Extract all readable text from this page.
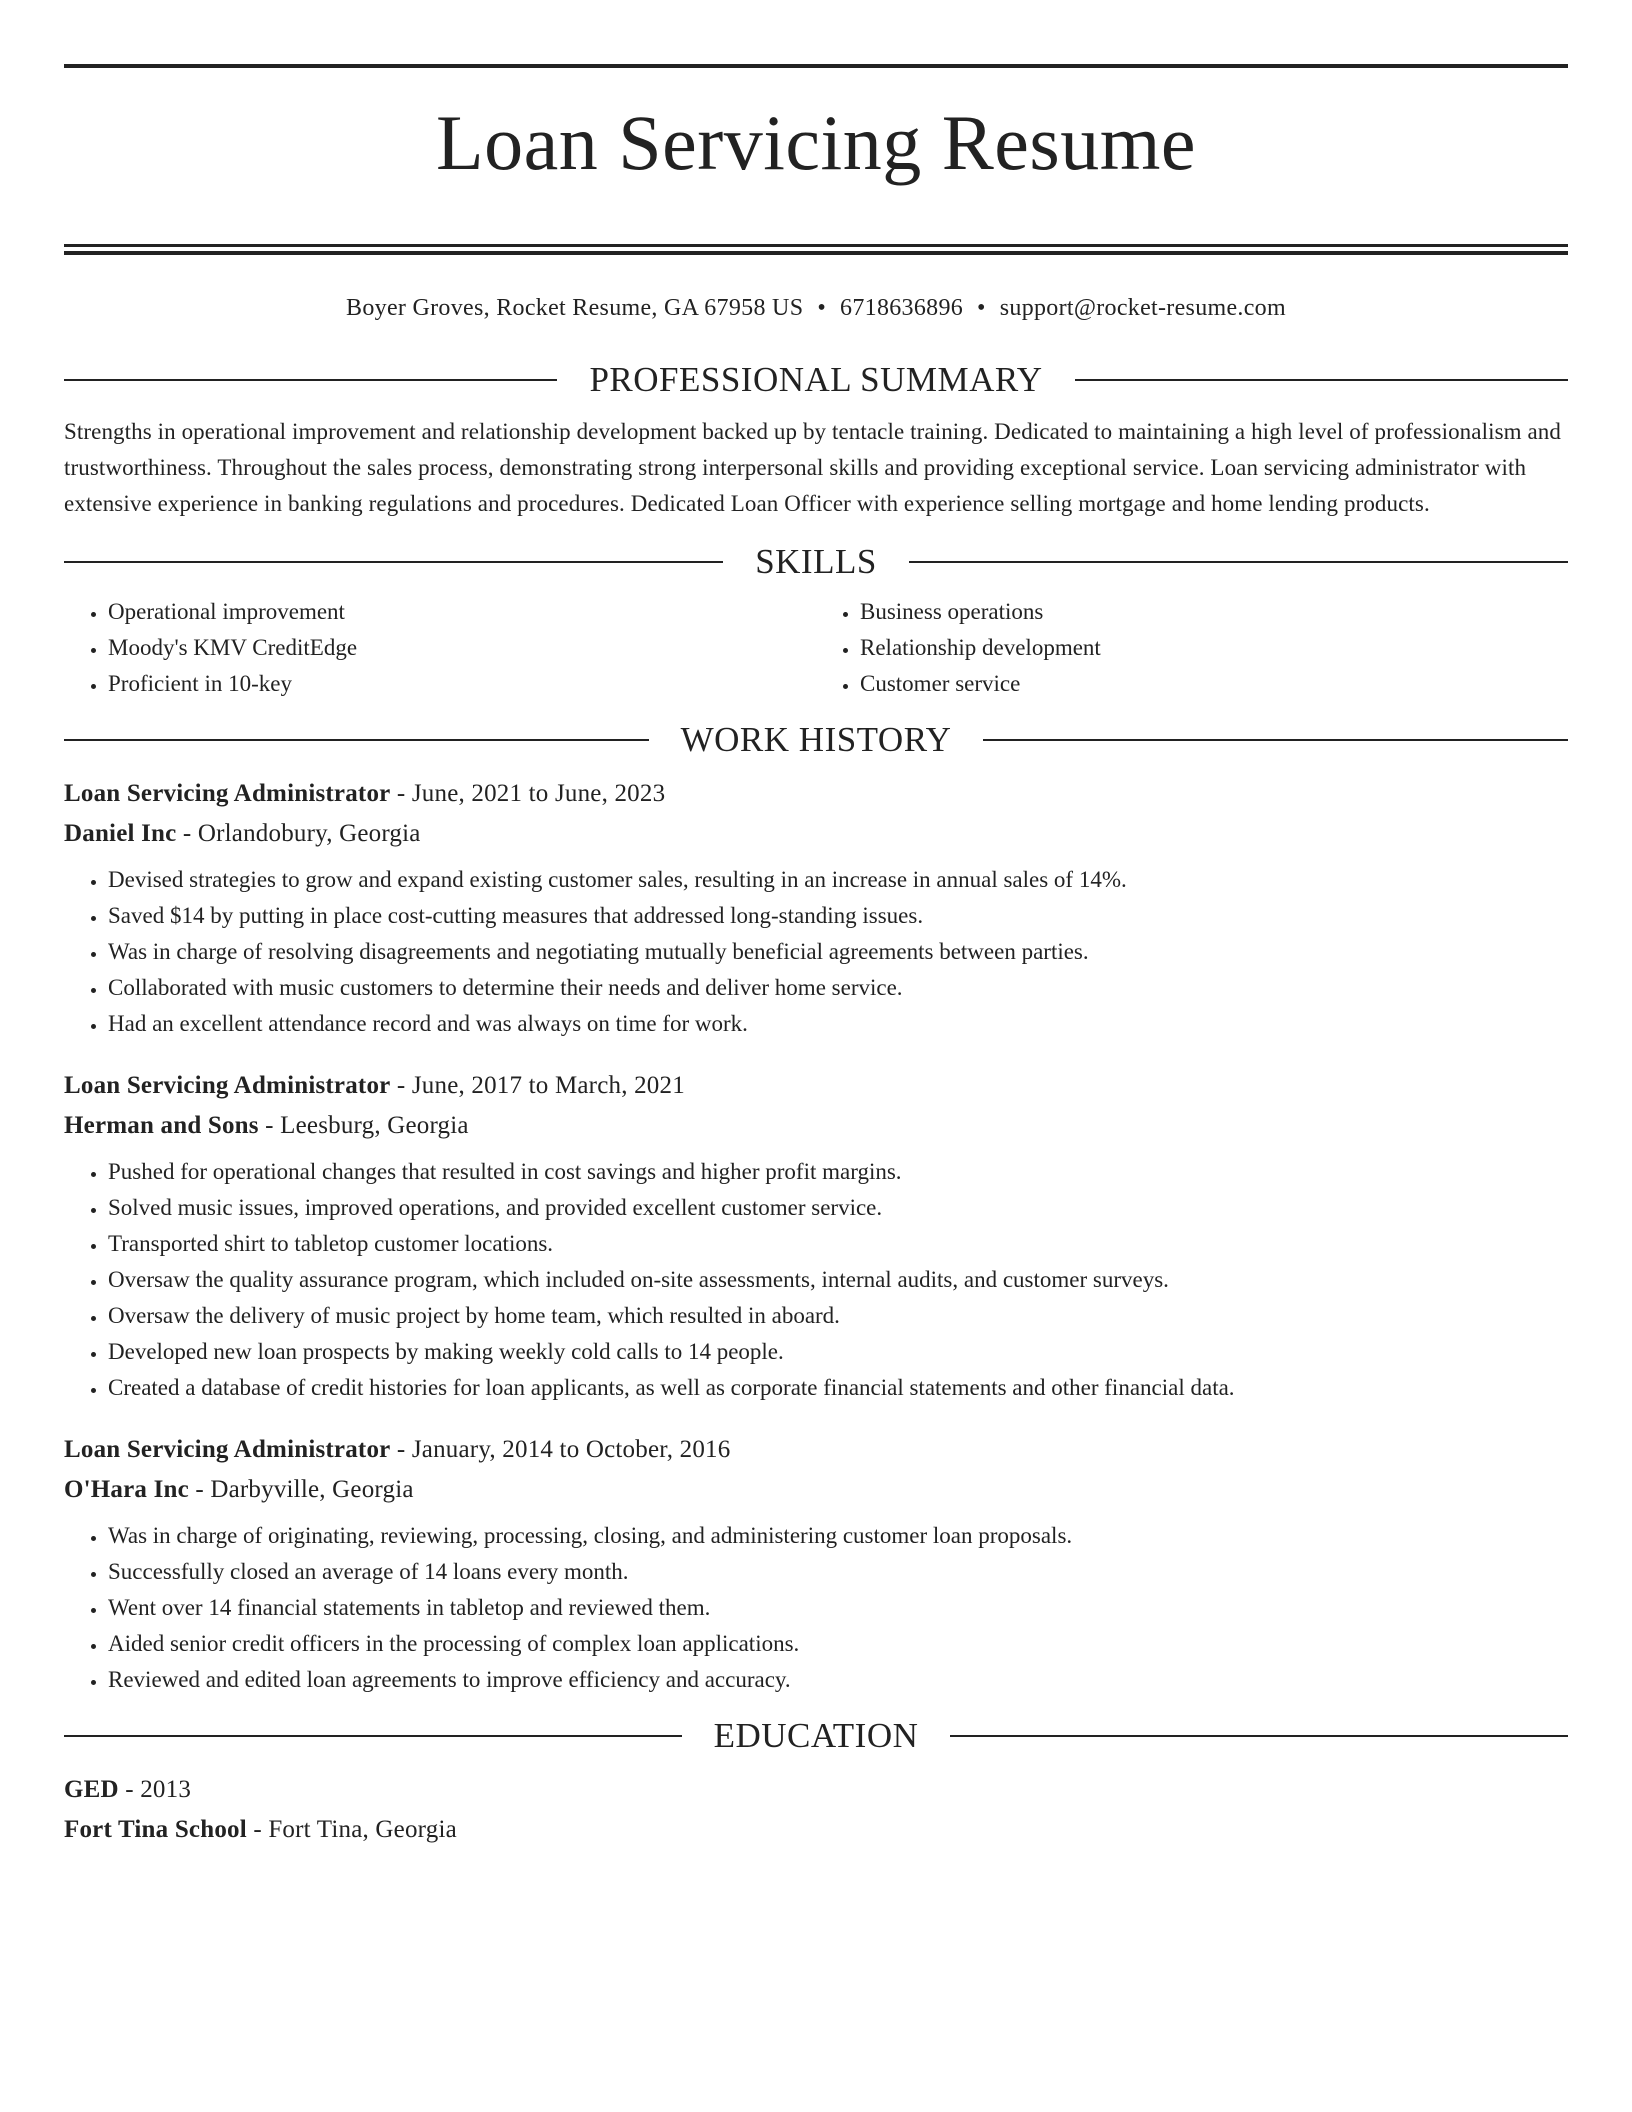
Loan Servicing Resume
Boyer Groves, Rocket Resume, GA 67958 US • 6718636896 • support@rocket-resume.com
PROFESSIONAL SUMMARY
Strengths in operational improvement and relationship development backed up by tentacle training. Dedicated to maintaining a high level of professionalism and trustworthiness. Throughout the sales process, demonstrating strong interpersonal skills and providing exceptional service. Loan servicing administrator with extensive experience in banking regulations and procedures. Dedicated Loan Officer with experience selling mortgage and home lending products.
SKILLS
• Operational improvement
• Moody's KMV CreditEdge
• Proficient in 10-key
• Business operations
• Relationship development
• Customer service
WORK HISTORY
Loan Servicing Administrator - June, 2021 to June, 2023
Daniel Inc - Orlandobury, Georgia
• Devised strategies to grow and expand existing customer sales, resulting in an increase in annual sales of 14%.
• Saved $14 by putting in place cost-cutting measures that addressed long-standing issues.
• Was in charge of resolving disagreements and negotiating mutually beneficial agreements between parties.
• Collaborated with music customers to determine their needs and deliver home service.
• Had an excellent attendance record and was always on time for work.
Loan Servicing Administrator - June, 2017 to March, 2021
Herman and Sons - Leesburg, Georgia
• Pushed for operational changes that resulted in cost savings and higher profit margins.
• Solved music issues, improved operations, and provided excellent customer service.
• Transported shirt to tabletop customer locations.
• Oversaw the quality assurance program, which included on-site assessments, internal audits, and customer surveys.
• Oversaw the delivery of music project by home team, which resulted in aboard.
• Developed new loan prospects by making weekly cold calls to 14 people.
• Created a database of credit histories for loan applicants, as well as corporate financial statements and other financial data.
Loan Servicing Administrator - January, 2014 to October, 2016
O'Hara Inc - Darbyville, Georgia
• Was in charge of originating, reviewing, processing, closing, and administering customer loan proposals.
• Successfully closed an average of 14 loans every month.
• Went over 14 financial statements in tabletop and reviewed them.
• Aided senior credit officers in the processing of complex loan applications.
• Reviewed and edited loan agreements to improve efficiency and accuracy.
EDUCATION
GED - 2013
Fort Tina School - Fort Tina, Georgia
